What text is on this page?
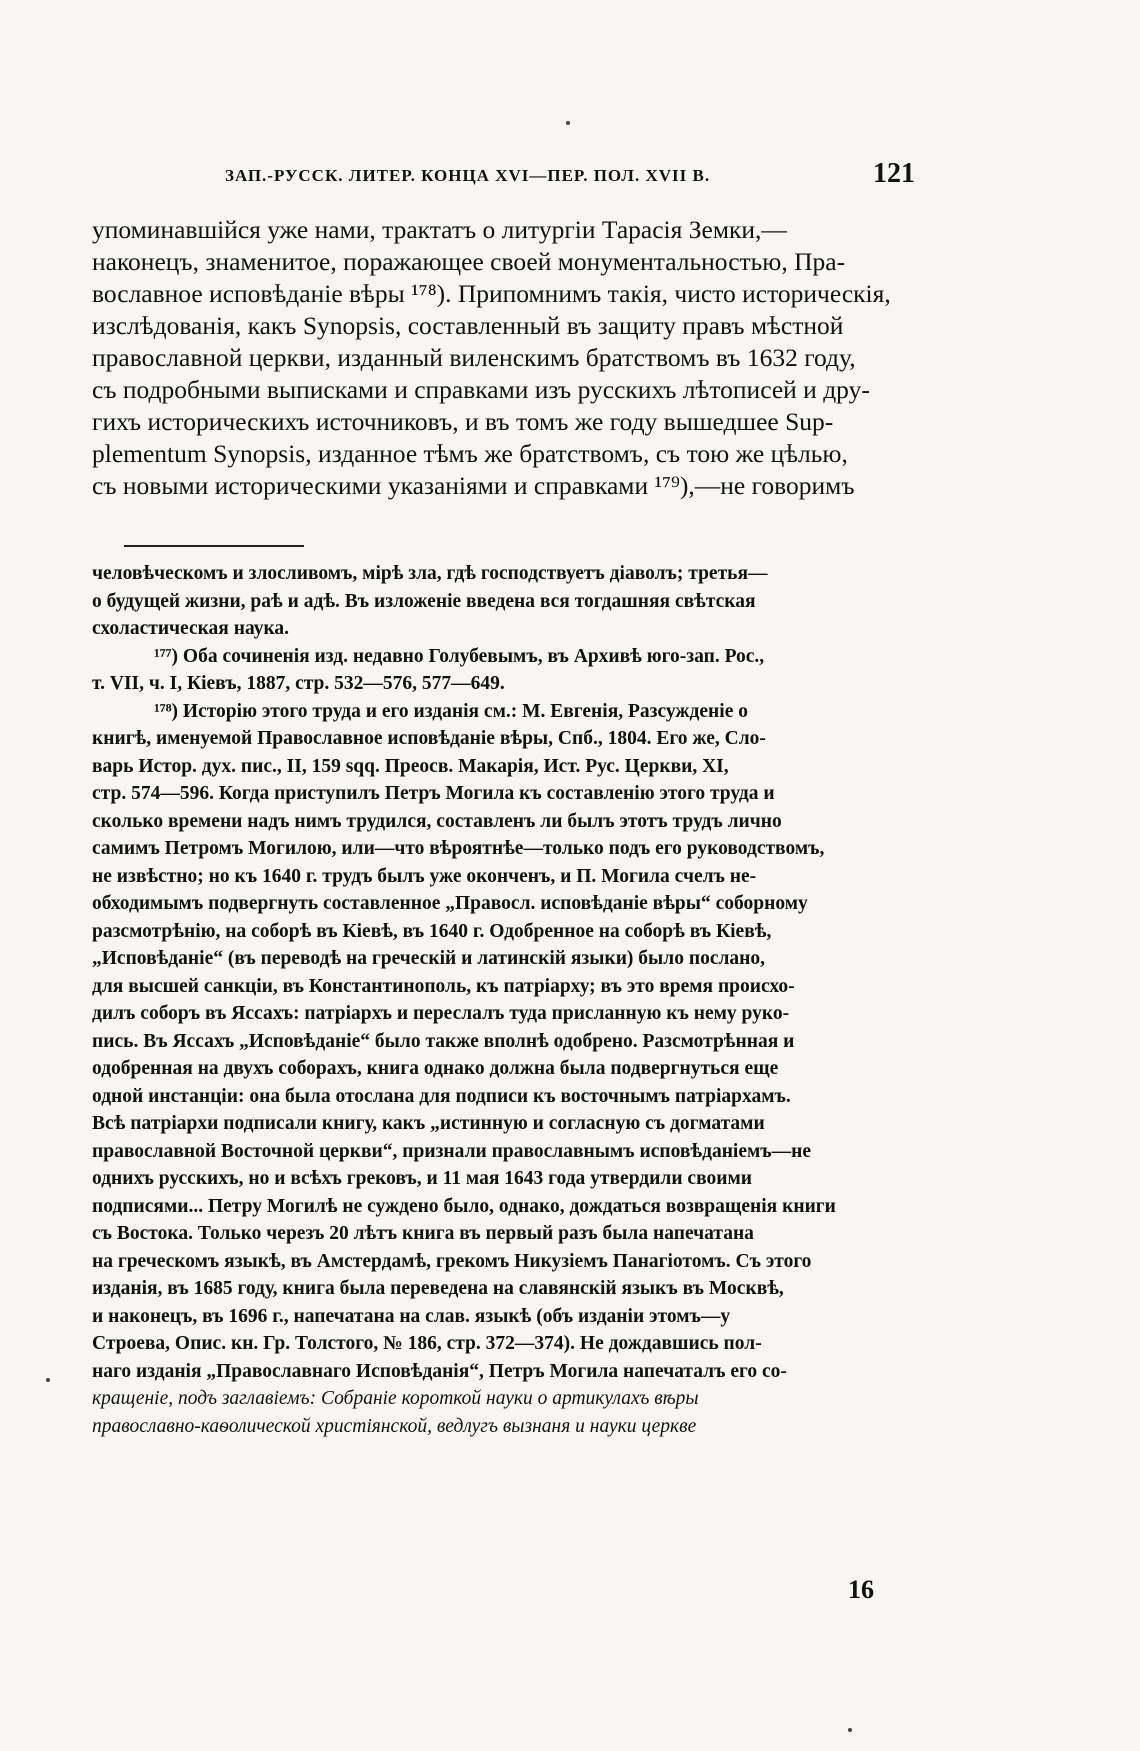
ЗАП.-РУССК. ЛИТЕР. КОНЦА XVI—ПЕР. ПОЛ. XVII В.	121
упоминавшійся уже нами, трактатъ о литургіи Тарасія Земки,—
наконецъ, знаменитое, поражающее своей монументальностью, Пра-
вославное исповѣданіе вѣры ¹⁷⁸). Припомнимъ такія, чисто историческія,
изслѣдованія, какъ Synopsis, составленный въ защиту правъ мѣстной
православной церкви, изданный виленскимъ братствомъ въ 1632 году,
съ подробными выписками и справками изъ русскихъ лѣтописей и дру-
гихъ историческихъ источниковъ, и въ томъ же году вышедшее Sup-
plementum Synopsis, изданное тѣмъ же братствомъ, съ тою же цѣлью,
съ новыми историческими указаніями и справками ¹⁷⁹),—не говоримъ
человѣческомъ и злоcливомъ, мірѣ зла, гдѣ господствуетъ діаволъ; третья—
о будущей жизни, раѣ и адѣ. Въ изложеніе введена вся тогдашняя свѣтская
схоластическая наука.
¹⁷⁷) Оба сочиненія изд. недавно Голубевымъ, въ Архивѣ юго-зап. Рос.,
т. VII, ч. I, Кіевъ, 1887, стр. 532—576, 577—649.
¹⁷⁸) Исторію этого труда и его изданія см.: М. Евгенія, Разсужденіе о
книгѣ, именуемой Православное исповѣданіе вѣры, Спб., 1804. Его же, Сло-
варь Истор. дух. пис., II, 159 sqq. Преосв. Макарія, Ист. Рус. Церкви, XI,
стр. 574—596. Когда приступилъ Петръ Могила къ составленію этого труда и
сколько времени надъ нимъ трудился, составленъ ли былъ этотъ трудъ лично
самимъ Петромъ Могилою, или—что вѣроятнѣе—только подъ его руководствомъ,
не извѣстно; но къ 1640 г. трудъ былъ уже оконченъ, и П. Могила счелъ не-
обходимымъ подвергнуть составленное „Правосл. исповѣданіе вѣры“ соборному
разсмотрѣнію, на соборѣ въ Кіевѣ, въ 1640 г. Одобренное на соборѣ въ Кіевѣ,
„Исповѣданіе“ (въ переводѣ на греческій и латинскій языки) было послано,
для высшей санкціи, въ Константинополь, къ патріарху; въ это время происхо-
дилъ соборъ въ Яссахъ: патріархъ и переслалъ туда присланную къ нему руко-
пись. Въ Яссахъ „Исповѣданіе“ было также вполнѣ одобрено. Разсмотрѣнная и
одобренная на двухъ соборахъ, книга однако должна была подвергнуться еще
одной инстанціи: она была отослана для подписи къ восточнымъ патріархамъ.
Всѣ патріархи подписали книгу, какъ „истинную и согласную съ догматами
православной Восточной церкви“, признали православнымъ исповѣданіемъ—не
однихъ русскихъ, но и всѣхъ грековъ, и 11 мая 1643 года утвердили своими
подписями... Петру Могилѣ не суждено было, однако, дождаться возвращенія книги
съ Востока. Только черезъ 20 лѣтъ книга въ первый разъ была напечатана
на греческомъ языкѣ, въ Амстердамѣ, грекомъ Никузіемъ Панагіотомъ. Съ этого
изданія, въ 1685 году, книга была переведена на славянскій языкъ въ Москвѣ,
и наконецъ, въ 1696 г., напечатана на слав. языкѣ (объ изданіи этомъ—у
Строева, Опис. кн. Гр. Толстого, № 186, стр. 372—374). Не дождавшись пол-
наго изданія „Православнаго Исповѣданія“, Петръ Могила напечаталъ его со-
кращеніе, подъ заглавіемъ: Собраніе короткой науки о артикулахъ вѣры
православно-каѳолической христіянской, ведлугъ вызнаня и науки церкве
16
